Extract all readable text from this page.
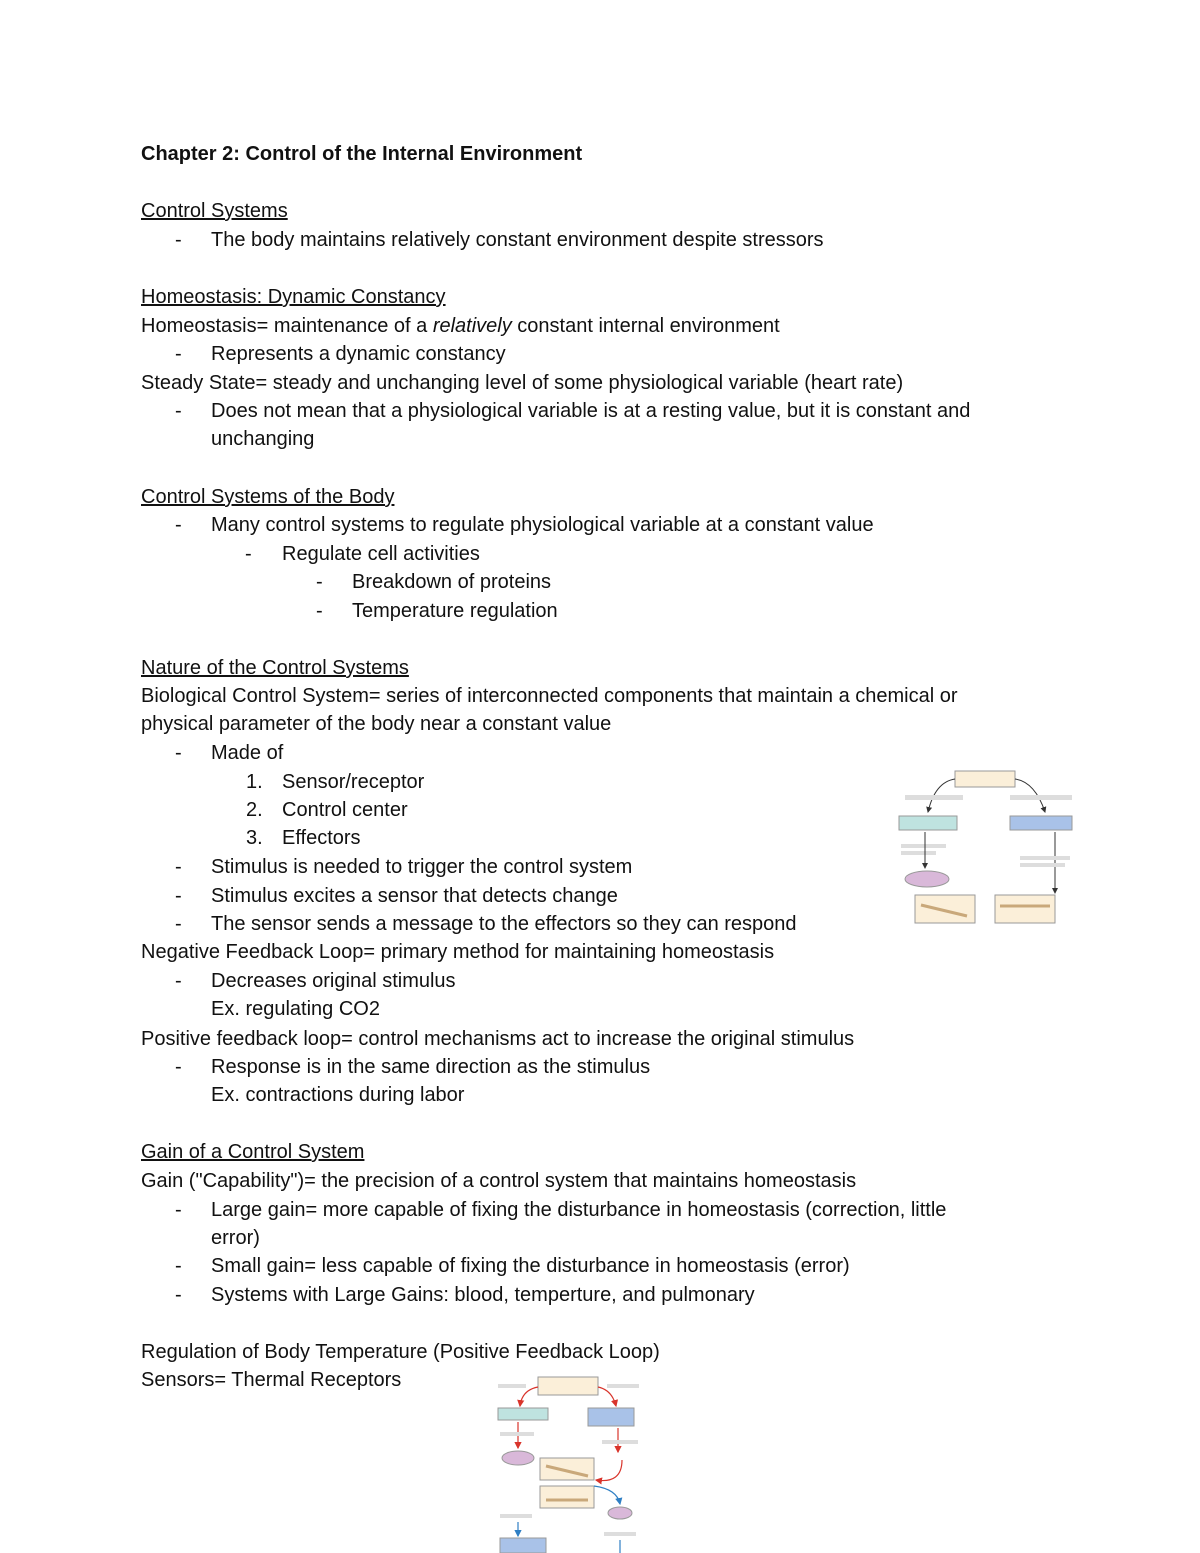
Chapter 2: Control of the Internal Environment
Control Systems
- The body maintains relatively constant environment despite stressors
Homeostasis: Dynamic Constancy
Homeostasis= maintenance of a relatively constant internal environment
- Represents a dynamic constancy
Steady State= steady and unchanging level of some physiological variable (heart rate)
- Does not mean that a physiological variable is at a resting value, but it is constant and
unchanging
Control Systems of the Body
- Many control systems to regulate physiological variable at a constant value
- Regulate cell activities
- Breakdown of proteins
- Temperature regulation
Nature of the Control Systems
Biological Control System= series of interconnected components that maintain a chemical or
physical parameter of the body near a constant value
- Made of
1. Sensor/receptor
2. Control center
3. Effectors
- Stimulus is needed to trigger the control system
- Stimulus excites a sensor that detects change
- The sensor sends a message to the effectors so they can respond
Negative Feedback Loop= primary method for maintaining homeostasis
- Decreases original stimulus
Ex. regulating CO2
Positive feedback loop= control mechanisms act to increase the original stimulus
- Response is in the same direction as the stimulus
Ex. contractions during labor
Gain of a Control System
Gain ("Capability")= the precision of a control system that maintains homeostasis
- Large gain= more capable of fixing the disturbance in homeostasis (correction, little
error)
- Small gain= less capable of fixing the disturbance in homeostasis (error)
- Systems with Large Gains: blood, temperture, and pulmonary
Regulation of Body Temperature (Positive Feedback Loop)
Sensors= Thermal Receptors
